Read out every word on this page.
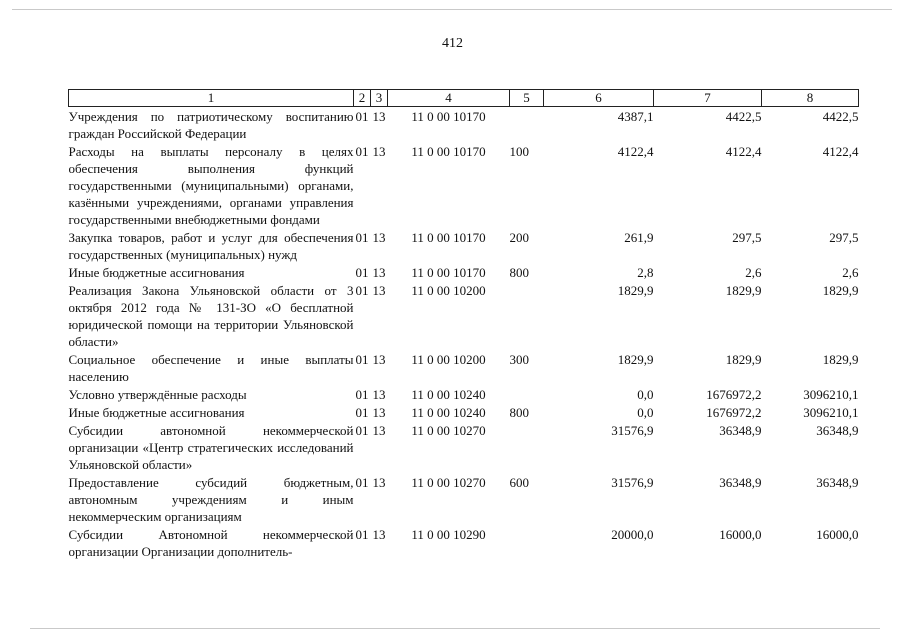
412
1	2	3	4	5	6	7	8
Учреждения по патриотическому воспитанию граждан Российской Федерации	01	13	11 0 00 10170		4387,1	4422,5	4422,5
Расходы на выплаты персоналу в целях обеспечения выполнения функций государственными (муниципальными) органами, казёнными учреждениями, органами управления государственными внебюджетными фондами	01	13	11 0 00 10170	100	4122,4	4122,4	4122,4
Закупка товаров, работ и услуг для обеспечения государственных (муниципальных) нужд	01	13	11 0 00 10170	200	261,9	297,5	297,5
Иные бюджетные ассигнования	01	13	11 0 00 10170	800	2,8	2,6	2,6
Реализация Закона Ульяновской области от 3 октября 2012 года № 131-ЗО «О бесплатной юридической помощи на территории Ульяновской области»	01	13	11 0 00 10200		1829,9	1829,9	1829,9
Социальное обеспечение и иные выплаты населению	01	13	11 0 00 10200	300	1829,9	1829,9	1829,9
Условно утверждённые расходы	01	13	11 0 00 10240		0,0	1676972,2	3096210,1
Иные бюджетные ассигнования	01	13	11 0 00 10240	800	0,0	1676972,2	3096210,1
Субсидии автономной некоммерческой организации «Центр стратегических исследований Ульяновской области»	01	13	11 0 00 10270		31576,9	36348,9	36348,9
Предоставление субсидий бюджетным, автономным учреждениям и иным некоммерческим организациям	01	13	11 0 00 10270	600	31576,9	36348,9	36348,9
Субсидии Автономной некоммерческой организации Организации дополнитель-	01	13	11 0 00 10290		20000,0	16000,0	16000,0
